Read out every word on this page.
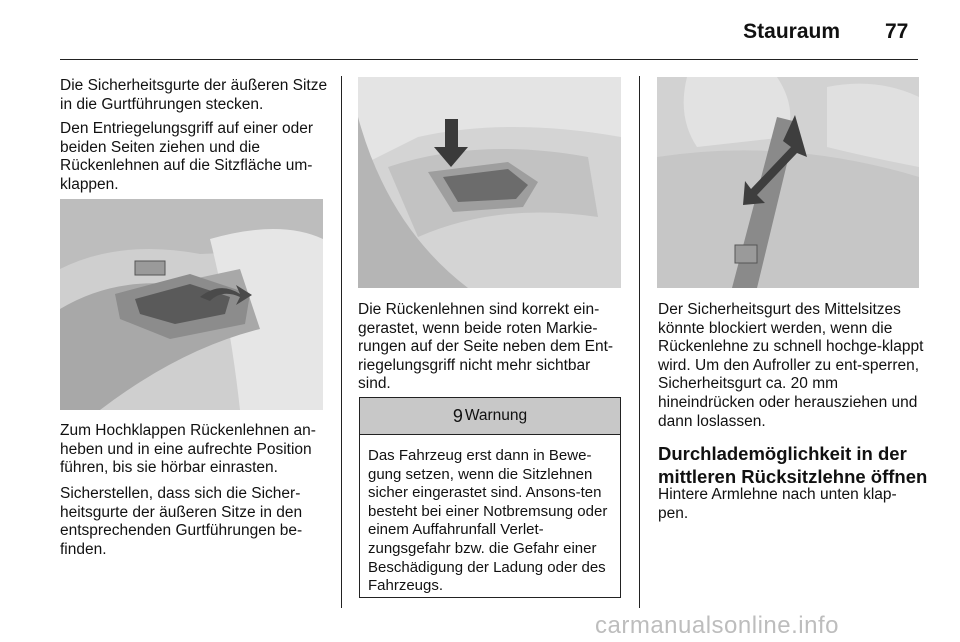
Stauraum 77

Die Sicherheitsgurte der äußeren Sitze in die Gurtführungen stecken.

Den Entriegelungsgriff auf einer oder beiden Seiten ziehen und die Rückenlehnen auf die Sitzfläche um-klappen.

Zum Hochklappen Rückenlehnen an-heben und in eine aufrechte Position führen, bis sie hörbar einrasten.

Sicherstellen, dass sich die Sicher-heitsgurte der äußeren Sitze in den entsprechenden Gurtführungen be-finden.

Die Rückenlehnen sind korrekt ein-gerastet, wenn beide roten Markie-rungen auf der Seite neben dem Ent-riegelungsgriff nicht mehr sichtbar sind.

9 Warnung
Das Fahrzeug erst dann in Bewe-gung setzen, wenn die Sitzlehnen sicher eingerastet sind. Ansons-ten besteht bei einer Notbremsung oder einem Auffahrunfall Verlet-zungsgefahr bzw. die Gefahr einer Beschädigung der Ladung oder des Fahrzeugs.

Der Sicherheitsgurt des Mittelsitzes könnte blockiert werden, wenn die Rückenlehne zu schnell hochge-klappt wird. Um den Aufroller zu ent-sperren, Sicherheitsgurt ca. 20 mm hineindrücken oder herausziehen und dann loslassen.

Durchlademöglichkeit in der mittleren Rücksitzlehne öffnen

Hintere Armlehne nach unten klap-pen.

carmanualsonline.info
